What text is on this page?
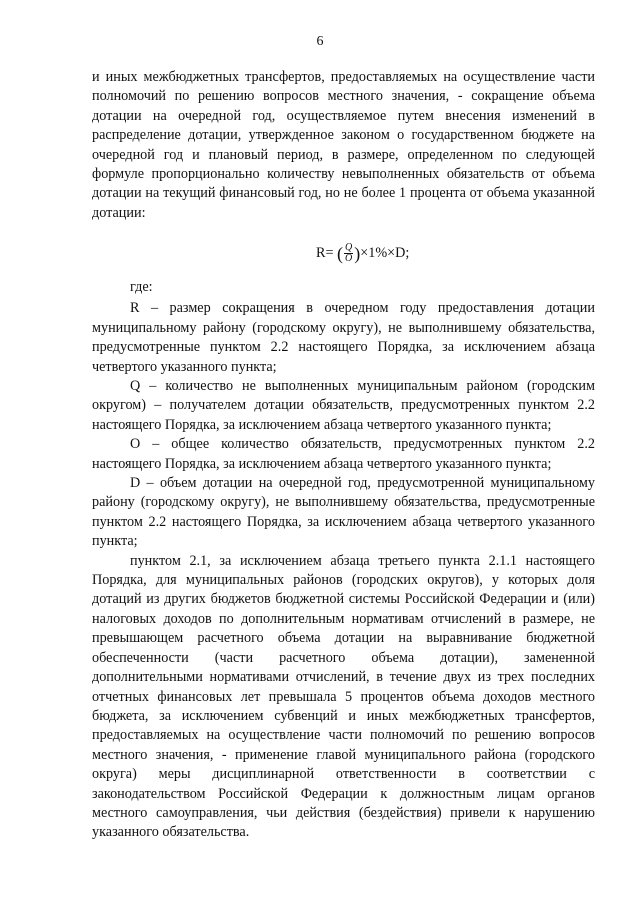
6

и иных межбюджетных трансфертов, предоставляемых на осуществление части полномочий по решению вопросов местного значения, - сокращение объема дотации на очередной год, осуществляемое путем внесения изменений в распределение дотации, утвержденное законом о государственном бюджете на очередной год и плановый период, в размере, определенном по следующей формуле пропорционально количеству невыполненных обязательств от объема дотации на текущий финансовый год, но не более 1 процента от объема указанной дотации:

R= ( $\frac{Q}{O} )\times 1\%\times D$;

где:

R – размер сокращения в очередном году предоставления дотации муниципальному району (городскому округу), не выполнившему обязательства, предусмотренные пунктом 2.2 настоящего Порядка, за исключением абзаца четвертого указанного пункта;

Q – количество не выполненных муниципальным районом (городским округом) – получателем дотации обязательств, предусмотренных пунктом 2.2 настоящего Порядка, за исключением абзаца четвертого указанного пункта;

O – общее количество обязательств, предусмотренных пунктом 2.2 настоящего Порядка, за исключением абзаца четвертого указанного пункта;

D – объем дотации на очередной год, предусмотренной муниципальному району (городскому округу), не выполнившему обязательства, предусмотренные пунктом 2.2 настоящего Порядка, за исключением абзаца четвертого указанного пункта;

пунктом 2.1, за исключением абзаца третьего пункта 2.1.1 настоящего Порядка, для муниципальных районов (городских округов), у которых доля дотаций из других бюджетов бюджетной системы Российской Федерации и (или) налоговых доходов по дополнительным нормативам отчислений в размере, не превышающем расчетного объема дотации на выравнивание бюджетной обеспеченности (части расчетного объема дотации), замененной дополнительными нормативами отчислений, в течение двух из трех последних отчетных финансовых лет превышала 5 процентов объема доходов местного бюджета, за исключением субвенций и иных межбюджетных трансфертов, предоставляемых на осуществление части полномочий по решению вопросов местного значения, - применение главой муниципального района (городского округа) меры дисциплинарной ответственности в соответствии с законодательством Российской Федерации к должностным лицам органов местного самоуправления, чьи действия (бездействия) привели к нарушению указанного обязательства.
